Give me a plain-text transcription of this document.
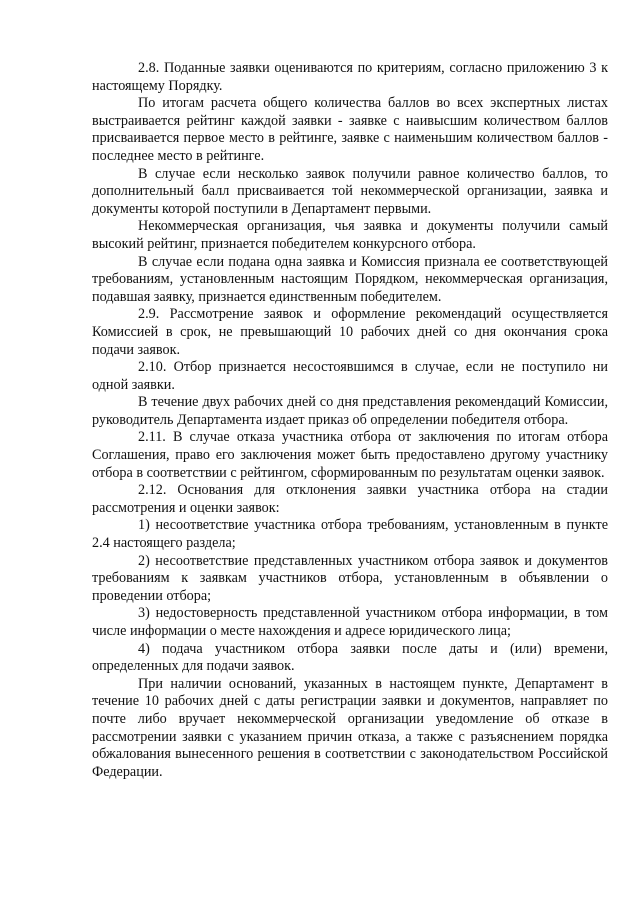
2.8. Поданные заявки оцениваются по критериям, согласно приложению 3 к настоящему Порядку.

По итогам расчета общего количества баллов во всех экспертных листах выстраивается рейтинг каждой заявки - заявке с наивысшим количеством баллов присваивается первое место в рейтинге, заявке с наименьшим количеством баллов - последнее место в рейтинге.

В случае если несколько заявок получили равное количество баллов, то дополнительный балл присваивается той некоммерческой организации, заявка и документы которой поступили в Департамент первыми.

Некоммерческая организация, чья заявка и документы получили самый высокий рейтинг, признается победителем конкурсного отбора.

В случае если подана одна заявка и Комиссия признала ее соответствующей требованиям, установленным настоящим Порядком, некоммерческая организация, подавшая заявку, признается единственным победителем.

2.9. Рассмотрение заявок и оформление рекомендаций осуществляется Комиссией в срок, не превышающий 10 рабочих дней со дня окончания срока подачи заявок.

2.10. Отбор признается несостоявшимся в случае, если не поступило ни одной заявки.

В течение двух рабочих дней со дня представления рекомендаций Комиссии, руководитель Департамента издает приказ об определении победителя отбора.

2.11. В случае отказа участника отбора от заключения по итогам отбора Соглашения, право его заключения может быть предоставлено другому участнику отбора в соответствии с рейтингом, сформированным по результатам оценки заявок.

2.12. Основания для отклонения заявки участника отбора на стадии рассмотрения и оценки заявок:

1) несоответствие участника отбора требованиям, установленным в пункте 2.4 настоящего раздела;

2) несоответствие представленных участником отбора заявок и документов требованиям к заявкам участников отбора, установленным в объявлении о проведении отбора;

3) недостоверность представленной участником отбора информации, в том числе информации о месте нахождения и адресе юридического лица;

4) подача участником отбора заявки после даты и (или) времени, определенных для подачи заявок.

При наличии оснований, указанных в настоящем пункте, Департамент в течение 10 рабочих дней с даты регистрации заявки и документов, направляет по почте либо вручает некоммерческой организации уведомление об отказе в рассмотрении заявки с указанием причин отказа, а также с разъяснением порядка обжалования вынесенного решения в соответствии с законодательством Российской Федерации.
